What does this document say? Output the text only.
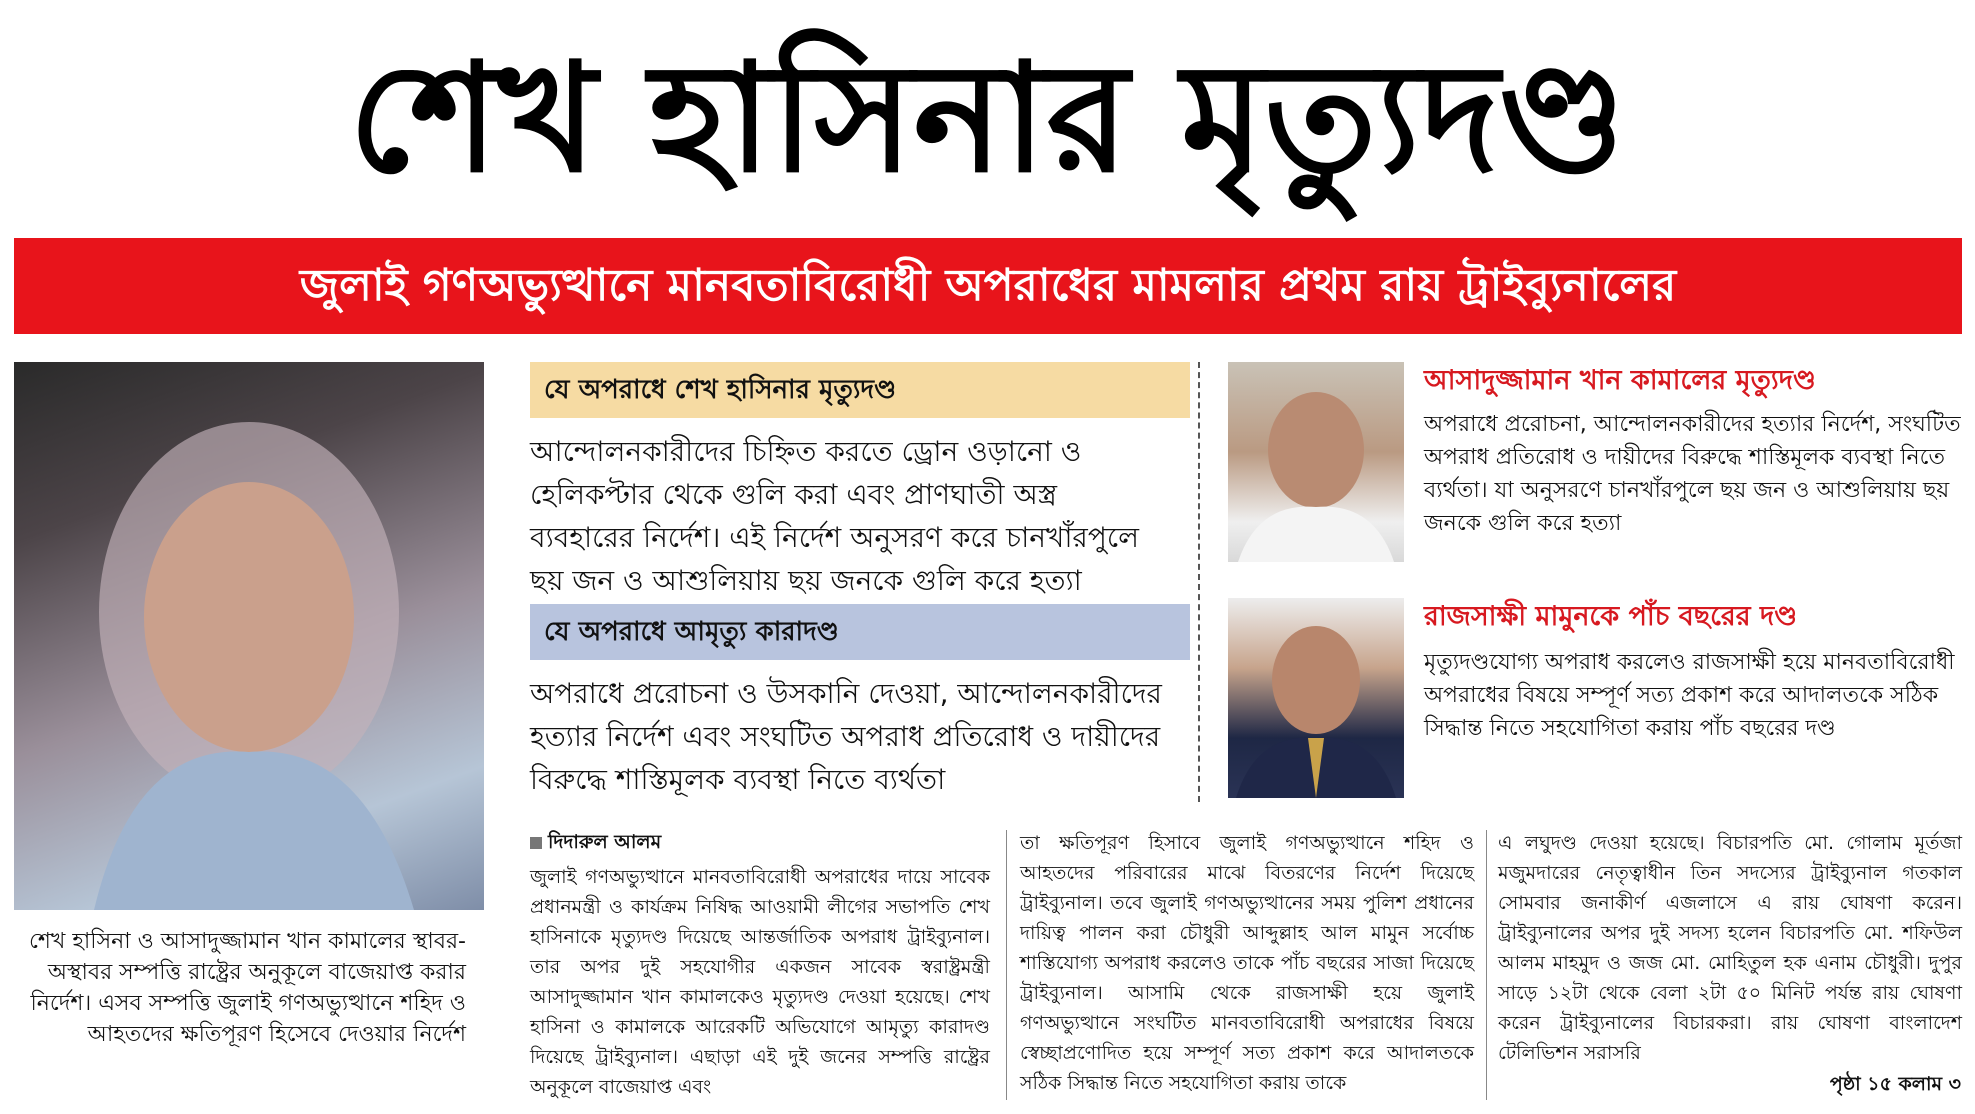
শেখ হাসিনার মৃত্যুদণ্ড
জুলাই গণঅভ্যুত্থানে মানবতাবিরোধী অপরাধের মামলার প্রথম রায় ট্রাইব্যুনালের
শেখ হাসিনা ও আসাদুজ্জামান খান কামালের স্থাবর-অস্থাবর সম্পত্তি রাষ্ট্রের অনুকূলে বাজেয়াপ্ত করার নির্দেশ। এসব সম্পত্তি জুলাই গণঅভ্যুত্থানে শহিদ ও আহতদের ক্ষতিপূরণ হিসেবে দেওয়ার নির্দেশ
যে অপরাধে শেখ হাসিনার মৃত্যুদণ্ড
আন্দোলনকারীদের চিহ্নিত করতে ড্রোন ওড়ানো ও হেলিকপ্টার থেকে গুলি করা এবং প্রাণঘাতী অস্ত্র ব্যবহারের নির্দেশ। এই নির্দেশ অনুসরণ করে চানখাঁরপুলে ছয় জন ও আশুলিয়ায় ছয় জনকে গুলি করে হত্যা
যে অপরাধে আমৃত্যু কারাদণ্ড
অপরাধে প্ররোচনা ও উসকানি দেওয়া, আন্দোলনকারীদের হত্যার নির্দেশ এবং সংঘটিত অপরাধ প্রতিরোধ ও দায়ীদের বিরুদ্ধে শাস্তিমূলক ব্যবস্থা নিতে ব্যর্থতা
আসাদুজ্জামান খান কামালের মৃত্যুদণ্ড
অপরাধে প্ররোচনা, আন্দোলনকারীদের হত্যার নির্দেশ, সংঘটিত অপরাধ প্রতিরোধ ও দায়ীদের বিরুদ্ধে শাস্তিমূলক ব্যবস্থা নিতে ব্যর্থতা। যা অনুসরণে চানখাঁরপুলে ছয় জন ও আশুলিয়ায় ছয় জনকে গুলি করে হত্যা
রাজসাক্ষী মামুনকে পাঁচ বছরের দণ্ড
মৃত্যুদণ্ডযোগ্য অপরাধ করলেও রাজসাক্ষী হয়ে মানবতাবিরোধী অপরাধের বিষয়ে সম্পূর্ণ সত্য প্রকাশ করে আদালতকে সঠিক সিদ্ধান্ত নিতে সহযোগিতা করায় পাঁচ বছরের দণ্ড
দিদারুল আলম
জুলাই গণঅভ্যুত্থানে মানবতাবিরোধী অপরাধের দায়ে সাবেক প্রধানমন্ত্রী ও কার্যক্রম নিষিদ্ধ আওয়ামী লীগের সভাপতি শেখ হাসিনাকে মৃত্যুদণ্ড দিয়েছে আন্তর্জাতিক অপরাধ ট্রাইব্যুনাল। তার অপর দুই সহযোগীর একজন সাবেক স্বরাষ্ট্রমন্ত্রী আসাদুজ্জামান খান কামালকেও মৃত্যুদণ্ড দেওয়া হয়েছে। শেখ হাসিনা ও কামালকে আরেকটি অভিযোগে আমৃত্যু কারাদণ্ড দিয়েছে ট্রাইব্যুনাল। এছাড়া এই দুই জনের সম্পত্তি রাষ্ট্রের অনুকূলে বাজেয়াপ্ত এবং
তা ক্ষতিপূরণ হিসাবে জুলাই গণঅভ্যুত্থানে শহিদ ও আহতদের পরিবারের মাঝে বিতরণের নির্দেশ দিয়েছে ট্রাইব্যুনাল। তবে জুলাই গণঅভ্যুত্থানের সময় পুলিশ প্রধানের দায়িত্ব পালন করা চৌধুরী আব্দুল্লাহ আল মামুন সর্বোচ্চ শাস্তিযোগ্য অপরাধ করলেও তাকে পাঁচ বছরের সাজা দিয়েছে ট্রাইব্যুনাল। আসামি থেকে রাজসাক্ষী হয়ে জুলাই গণঅভ্যুত্থানে সংঘটিত মানবতাবিরোধী অপরাধের বিষয়ে স্বেচ্ছাপ্রণোদিত হয়ে সম্পূর্ণ সত্য প্রকাশ করে আদালতকে সঠিক সিদ্ধান্ত নিতে সহযোগিতা করায় তাকে
এ লঘুদণ্ড দেওয়া হয়েছে। বিচারপতি মো. গোলাম মূর্তজা মজুমদারের নেতৃত্বাধীন তিন সদস্যের ট্রাইব্যুনাল গতকাল সোমবার জনাকীর্ণ এজলাসে এ রায় ঘোষণা করেন। ট্রাইব্যুনালের অপর দুই সদস্য হলেন বিচারপতি মো. শফিউল আলম মাহমুদ ও জজ মো. মোহিতুল হক এনাম চৌধুরী। দুপুর সাড়ে ১২টা থেকে বেলা ২টা ৫০ মিনিট পর্যন্ত রায় ঘোষণা করেন ট্রাইব্যুনালের বিচারকরা। রায় ঘোষণা বাংলাদেশ টেলিভিশন সরাসরি
পৃষ্ঠা ১৫ কলাম ৩
